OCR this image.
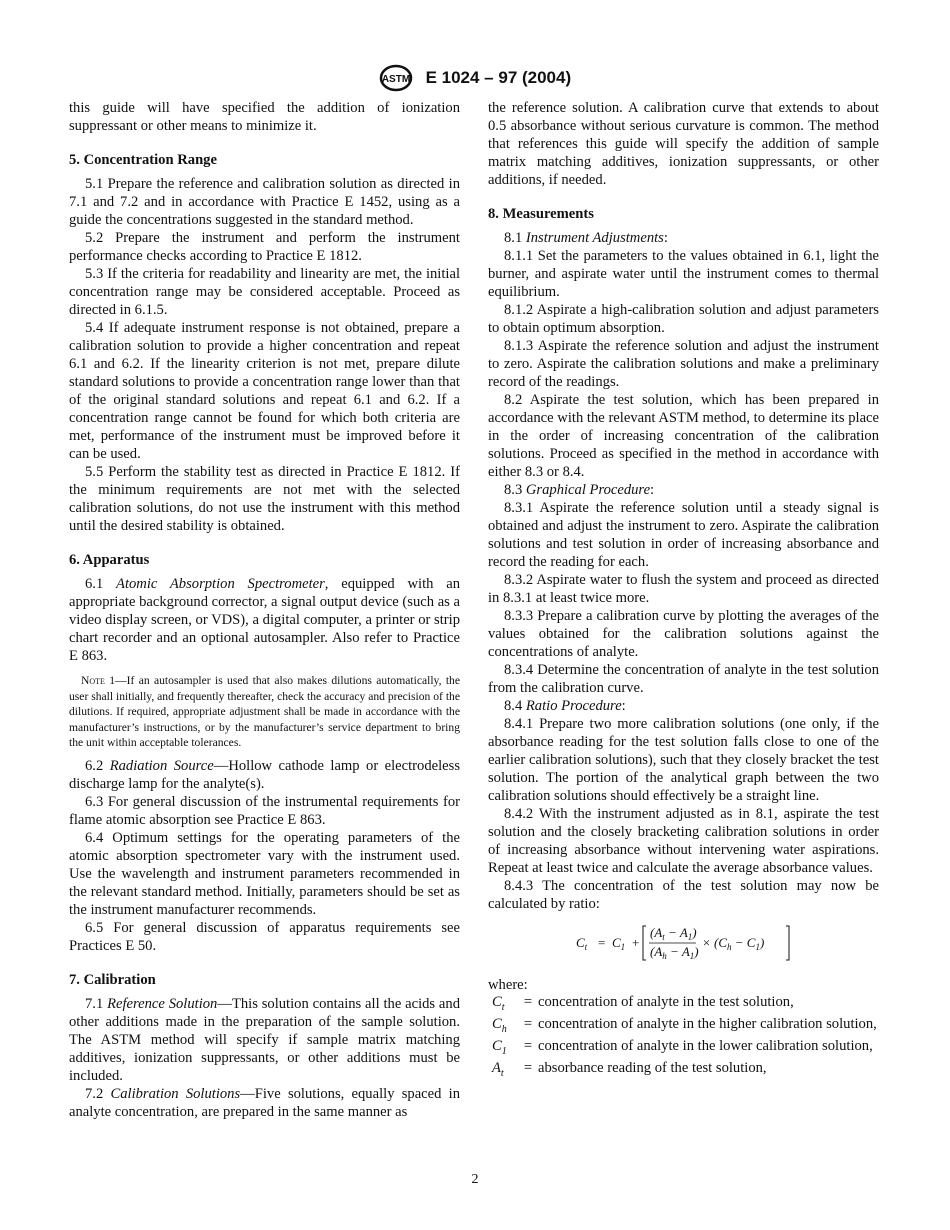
ASTM E 1024 – 97 (2004)

this guide will have specified the addition of ionization suppressant or other means to minimize it.

5. Concentration Range

5.1 Prepare the reference and calibration solution as directed in 7.1 and 7.2 and in accordance with Practice E 1452, using as a guide the concentrations suggested in the standard method.

5.2 Prepare the instrument and perform the instrument performance checks according to Practice E 1812.

5.3 If the criteria for readability and linearity are met, the initial concentration range may be considered acceptable. Proceed as directed in 6.1.5.

5.4 If adequate instrument response is not obtained, prepare a calibration solution to provide a higher concentration and repeat 6.1 and 6.2. If the linearity criterion is not met, prepare dilute standard solutions to provide a concentration range lower than that of the original standard solutions and repeat 6.1 and 6.2. If a concentration range cannot be found for which both criteria are met, performance of the instrument must be improved before it can be used.

5.5 Perform the stability test as directed in Practice E 1812. If the minimum requirements are not met with the selected calibration solutions, do not use the instrument with this method until the desired stability is obtained.

6. Apparatus

6.1 Atomic Absorption Spectrometer, equipped with an appropriate background corrector, a signal output device (such as a video display screen, or VDS), a digital computer, a printer or strip chart recorder and an optional autosampler. Also refer to Practice E 863.

Note 1—If an autosampler is used that also makes dilutions automatically, the user shall initially, and frequently thereafter, check the accuracy and precision of the dilutions. If required, appropriate adjustment shall be made in accordance with the manufacturer’s instructions, or by the manufacturer’s service department to bring the unit within acceptable tolerances.

6.2 Radiation Source—Hollow cathode lamp or electrodeless discharge lamp for the analyte(s).

6.3 For general discussion of the instrumental requirements for flame atomic absorption see Practice E 863.

6.4 Optimum settings for the operating parameters of the atomic absorption spectrometer vary with the instrument used. Use the wavelength and instrument parameters recommended in the relevant standard method. Initially, parameters should be set as the instrument manufacturer recommends.

6.5 For general discussion of apparatus requirements see Practices E 50.

7. Calibration

7.1 Reference Solution—This solution contains all the acids and other additions made in the preparation of the sample solution. The ASTM method will specify if sample matrix matching additives, ionization suppressants, or other additions must be included.

7.2 Calibration Solutions—Five solutions, equally spaced in analyte concentration, are prepared in the same manner as

the reference solution. A calibration curve that extends to about 0.5 absorbance without serious curvature is common. The method that references this guide will specify the addition of sample matrix matching additives, ionization suppressants, or other additions, if needed.

8. Measurements

8.1 Instrument Adjustments:

8.1.1 Set the parameters to the values obtained in 6.1, light the burner, and aspirate water until the instrument comes to thermal equilibrium.

8.1.2 Aspirate a high-calibration solution and adjust parameters to obtain optimum absorption.

8.1.3 Aspirate the reference solution and adjust the instrument to zero. Aspirate the calibration solutions and make a preliminary record of the readings.

8.2 Aspirate the test solution, which has been prepared in accordance with the relevant ASTM method, to determine its place in the order of increasing concentration of the calibration solutions. Proceed as specified in the method in accordance with either 8.3 or 8.4.

8.3 Graphical Procedure:

8.3.1 Aspirate the reference solution until a steady signal is obtained and adjust the instrument to zero. Aspirate the calibration solutions and test solution in order of increasing absorbance and record the reading for each.

8.3.2 Aspirate water to flush the system and proceed as directed in 8.3.1 at least twice more.

8.3.3 Prepare a calibration curve by plotting the averages of the values obtained for the calibration solutions against the concentrations of analyte.

8.3.4 Determine the concentration of analyte in the test solution from the calibration curve.

8.4 Ratio Procedure:

8.4.1 Prepare two more calibration solutions (one only, if the absorbance reading for the test solution falls close to one of the earlier calibration solutions), such that they closely bracket the test solution. The portion of the analytical graph between the two calibration solutions should effectively be a straight line.

8.4.2 With the instrument adjusted as in 8.1, aspirate the test solution and the closely bracketing calibration solutions in order of increasing absorbance without intervening water aspirations. Repeat at least twice and calculate the average absorbance values.

8.4.3 The concentration of the test solution may now be calculated by ratio:

$C_t = C_1$ +
$(A_t - A_1)$
$(A_h - A_1)$
× $(C_h - C_1)$

where:

$C_t$	=	concentration of analyte in the test solution,
$C_h$	=	concentration of analyte in the higher calibration solution,
$C_1$	=	concentration of analyte in the lower calibration solution,
$A_t$	=	absorbance reading of the test solution,
2
